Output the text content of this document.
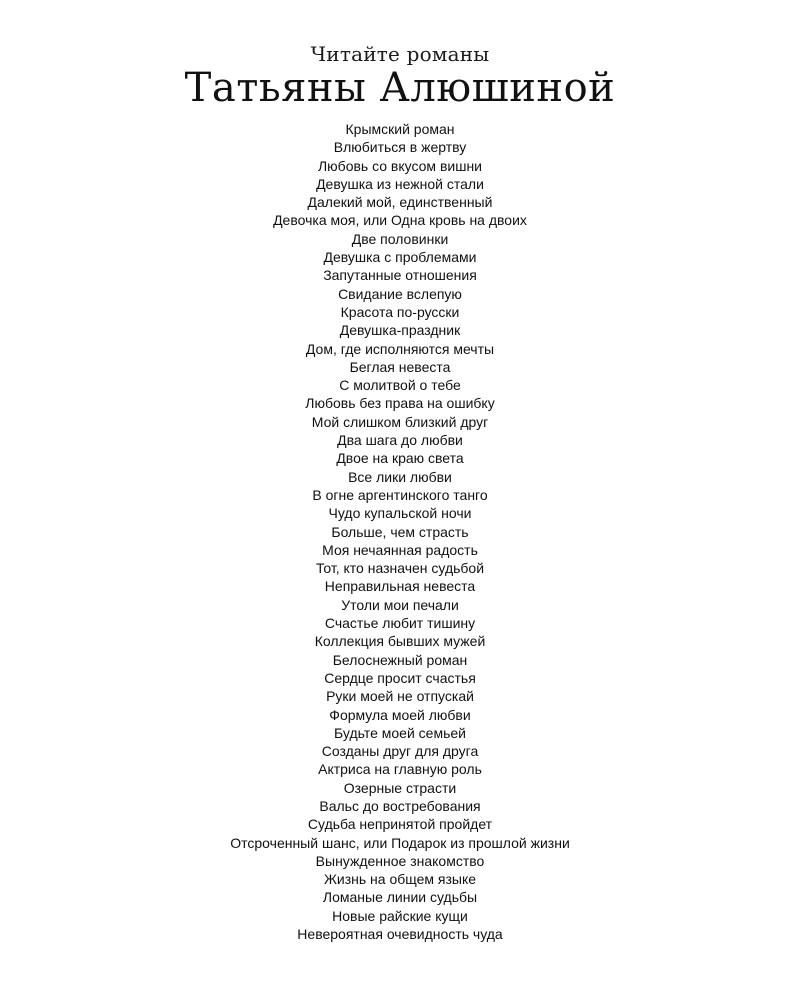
Читайте романы
Татьяны Алюшиной
Крымский роман
Влюбиться в жертву
Любовь со вкусом вишни
Девушка из нежной стали
Далекий мой, единственный
Девочка моя, или Одна кровь на двоих
Две половинки
Девушка с проблемами
Запутанные отношения
Свидание вслепую
Красота по-русски
Девушка-праздник
Дом, где исполняются мечты
Беглая невеста
С молитвой о тебе
Любовь без права на ошибку
Мой слишком близкий друг
Два шага до любви
Двое на краю света
Все лики любви
В огне аргентинского танго
Чудо купальской ночи
Больше, чем страсть
Моя нечаянная радость
Тот, кто назначен судьбой
Неправильная невеста
Утоли мои печали
Счастье любит тишину
Коллекция бывших мужей
Белоснежный роман
Сердце просит счастья
Руки моей не отпускай
Формула моей любви
Будьте моей семьей
Созданы друг для друга
Актриса на главную роль
Озерные страсти
Вальс до востребования
Судьба непринятой пройдет
Отсроченный шанс, или Подарок из прошлой жизни
Вынужденное знакомство
Жизнь на общем языке
Ломаные линии судьбы
Новые райские кущи
Невероятная очевидность чуда
